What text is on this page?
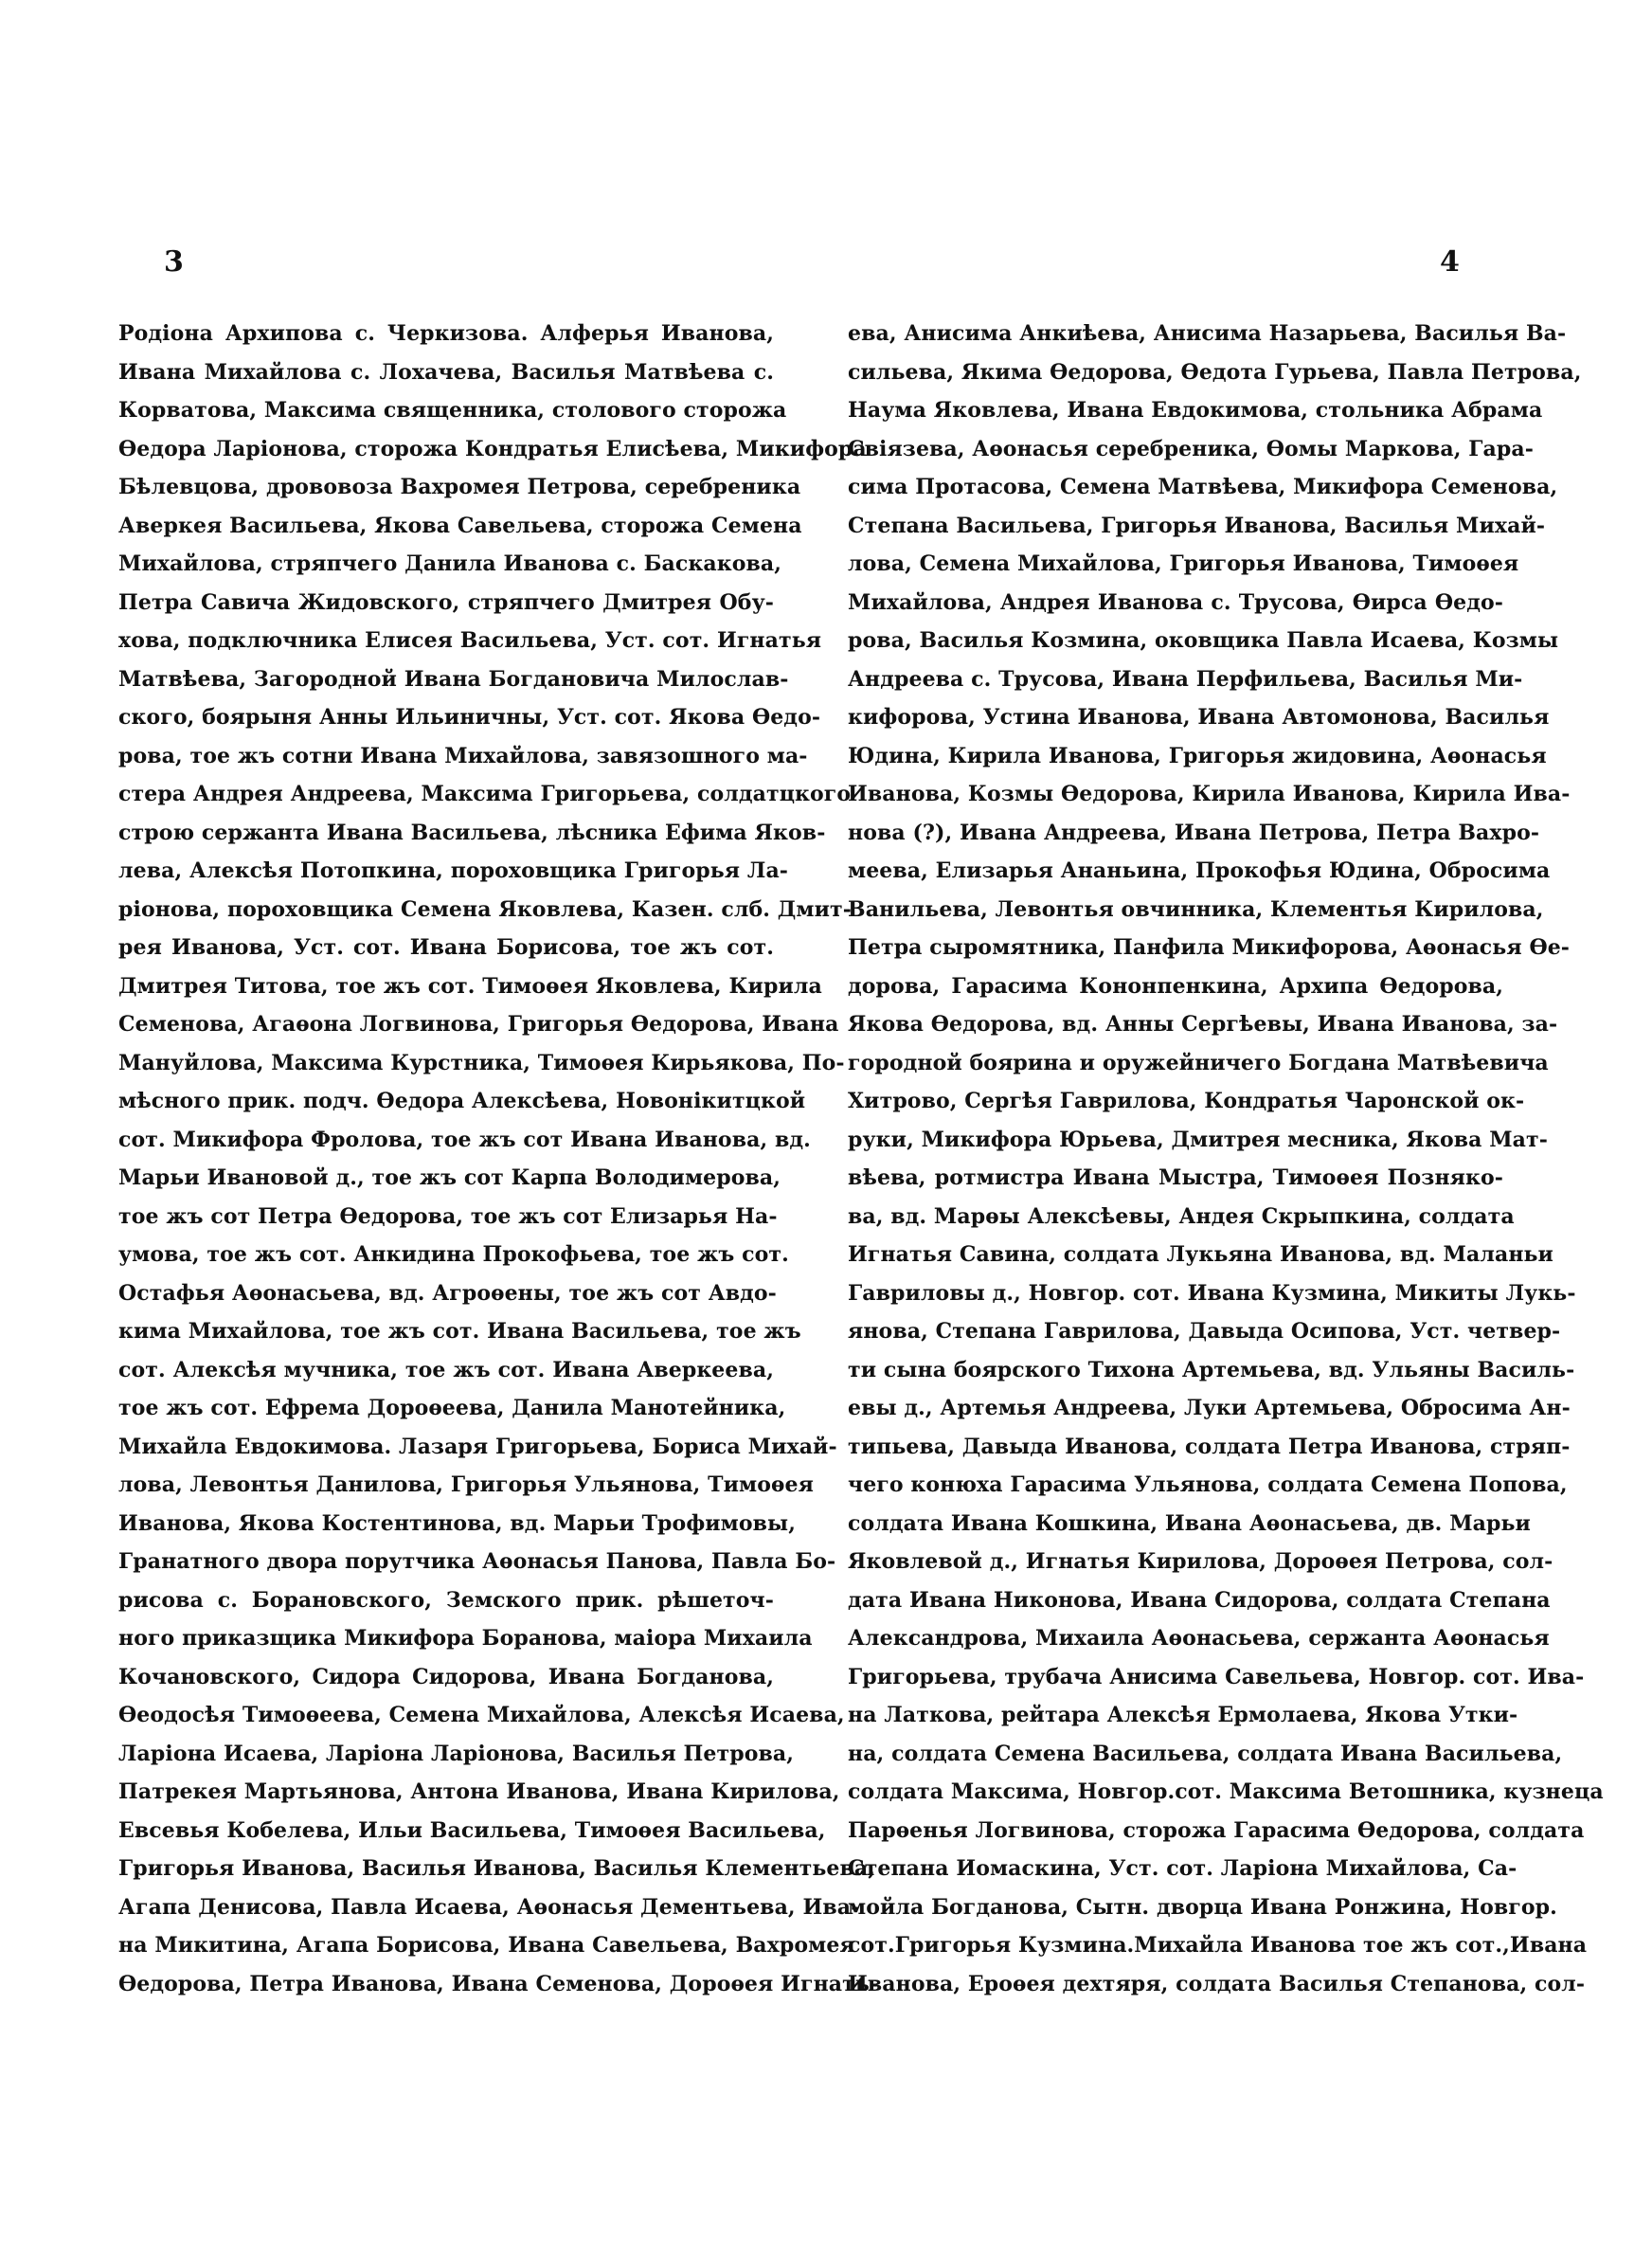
3	4
Родіона Архипова с. Черкизова. Алферья Иванова,
Ивана Михайлова с. Лохачева, Василья Матвѣева с.
Корватова, Максима священника, столового сторожа
Ѳедора Ларіонова, сторожа Кондратья Елисѣева, Микифора
Бѣлевцова, дрововоза Вахромея Петрова, серебреника
Аверкея Васильева, Якова Савельева, сторожа Семена
Михайлова, стряпчего Данила Иванова с. Баскакова,
Петра Савича Жидовского, стряпчего Дмитрея Обу-
хова, подключника Елисея Васильева, Уст. сот. Игнатья
Матвѣева, Загородной Ивана Богдановича Милослав-
ского, боярыня Анны Ильиничны, Уст. сот. Якова Ѳедо-
рова, тое жъ сотни Ивана Михайлова, завязошного ма-
стера Андрея Андреева, Максима Григорьева, солдатцкого
строю сержанта Ивана Васильева, лѣсника Ефима Яков-
лева, Алексѣя Потопкина, пороховщика Григорья Ла-
ріонова, пороховщика Семена Яковлева, Казен. слб. Дмит-
рея Иванова, Уст. сот. Ивана Борисова, тое жъ сот.
Дмитрея Титова, тое жъ сот. Тимоѳея Яковлева, Кирила
Семенова, Агаѳона Логвинова, Григорья Ѳедорова, Ивана
Мануйлова, Максима Курстника, Тимоѳея Кирьякова, По-
мѣсного прик. подч. Ѳедора Алексѣева, Новонікитцкой
сот. Микифора Фролова, тое жъ сот Ивана Иванова, вд.
Марьи Ивановой д., тое жъ сот Карпа Володимерова,
тое жъ сот Петра Ѳедорова, тое жъ сот Елизарья На-
умова, тое жъ сот. Анкидина Прокофьева, тое жъ сот.
Остафья Аѳонасьева, вд. Агроѳены, тое жъ сот Авдо-
кима Михайлова, тое жъ сот. Ивана Васильева, тое жъ
сот. Алексѣя мучника, тое жъ сот. Ивана Аверкеева,
тое жъ сот. Ефрема Дороѳеева, Данила Манотейника,
Михайла Евдокимова. Лазаря Григорьева, Бориса Михай-
лова, Левонтья Данилова, Григорья Ульянова, Тимоѳея
Иванова, Якова Костентинова, вд. Марьи Трофимовы,
Гранатного двора порутчика Аѳонасья Панова, Павла Бо-
рисова с. Борановского, Земского прик. рѣшеточ-
ного приказщика Микифора Боранова, маіора Михаила
Кочановского, Сидора Сидорова, Ивана Богданова,
Ѳеодосѣя Тимоѳеева, Семена Михайлова, Алексѣя Исаева,
Ларіона Исаева, Ларіона Ларіонова, Василья Петрова,
Патрекея Мартьянова, Антона Иванова, Ивана Кирилова,
Евсевья Кобелева, Ильи Васильева, Тимоѳея Васильева,
Григорья Иванова, Василья Иванова, Василья Клементьева,
Агапа Денисова, Павла Исаева, Аѳонасья Дементьева, Ива-
на Микитина, Агапа Борисова, Ивана Савельева, Вахромея
Ѳедорова, Петра Иванова, Ивана Семенова, Дороѳея Игнать-
ева, Анисима Анкиѣева, Анисима Назарьева, Василья Ва-
сильева, Якима Ѳедорова, Ѳедота Гурьева, Павла Петрова,
Наума Яковлева, Ивана Евдокимова, стольника Абрама
Свіязева, Аѳонасья серебреника, Ѳомы Маркова, Гара-
сима Протасова, Семена Матвѣева, Микифора Семенова,
Степана Васильева, Григорья Иванова, Василья Михай-
лова, Семена Михайлова, Григорья Иванова, Тимоѳея
Михайлова, Андрея Иванова с. Трусова, Ѳирса Ѳедо-
рова, Василья Козмина, оковщика Павла Исаева, Козмы
Андреева с. Трусова, Ивана Перфильева, Василья Ми-
кифорова, Устина Иванова, Ивана Автомонова, Василья
Юдина, Кирила Иванова, Григорья жидовина, Аѳонасья
Иванова, Козмы Ѳедорова, Кирила Иванова, Кирила Ива-
нова (?), Ивана Андреева, Ивана Петрова, Петра Вахро-
меева, Елизарья Ананьина, Прокофья Юдина, Обросима
Ванильева, Левонтья овчинника, Клементья Кирилова,
Петра сыромятника, Панфила Микифорова, Аѳонасья Ѳе-
дорова, Гарасима Кононпенкина, Архипа Ѳедорова,
Якова Ѳедорова, вд. Анны Сергѣевы, Ивана Иванова, за-
городной боярина и оружейничего Богдана Матвѣевича
Хитрово, Сергѣя Гаврилова, Кондратья Чаронской ок-
руки, Микифора Юрьева, Дмитрея месника, Якова Мат-
вѣева, ротмистра Ивана Мыстра, Тимоѳея Позняко-
ва, вд. Марѳы Алексѣевы, Андея Скрыпкина, солдата
Игнатья Савина, солдата Лукьяна Иванова, вд. Маланьи
Гавриловы д., Новгор. сот. Ивана Кузмина, Микиты Лукь-
янова, Степана Гаврилова, Давыда Осипова, Уст. четвер-
ти сына боярского Тихона Артемьева, вд. Ульяны Василь-
евы д., Артемья Андреева, Луки Артемьева, Обросима Ан-
типьева, Давыда Иванова, солдата Петра Иванова, стряп-
чего конюха Гарасима Ульянова, солдата Семена Попова,
солдата Ивана Кошкина, Ивана Аѳонасьева, дв. Марьи
Яковлевой д., Игнатья Кирилова, Дороѳея Петрова, сол-
дата Ивана Никонова, Ивана Сидорова, солдата Степана
Александрова, Михаила Аѳонасьева, сержанта Аѳонасья
Григорьева, трубача Анисима Савельева, Новгор. сот. Ива-
на Латкова, рейтара Алексѣя Ермолаева, Якова Утки-
на, солдата Семена Васильева, солдата Ивана Васильева,
солдата Максима, Новгор.сот. Максима Ветошника, кузнеца
Парѳенья Логвинова, сторожа Гарасима Ѳедорова, солдата
Степана Иомаскина, Уст. сот. Ларіона Михайлова, Са-
мойла Богданова, Сытн. дворца Ивана Ронжина, Новгор.
сот.Григорья Кузмина.Михайла Иванова тое жъ сот.,Ивана
Иванова, Ероѳея дехтяря, солдата Василья Степанова, сол-
